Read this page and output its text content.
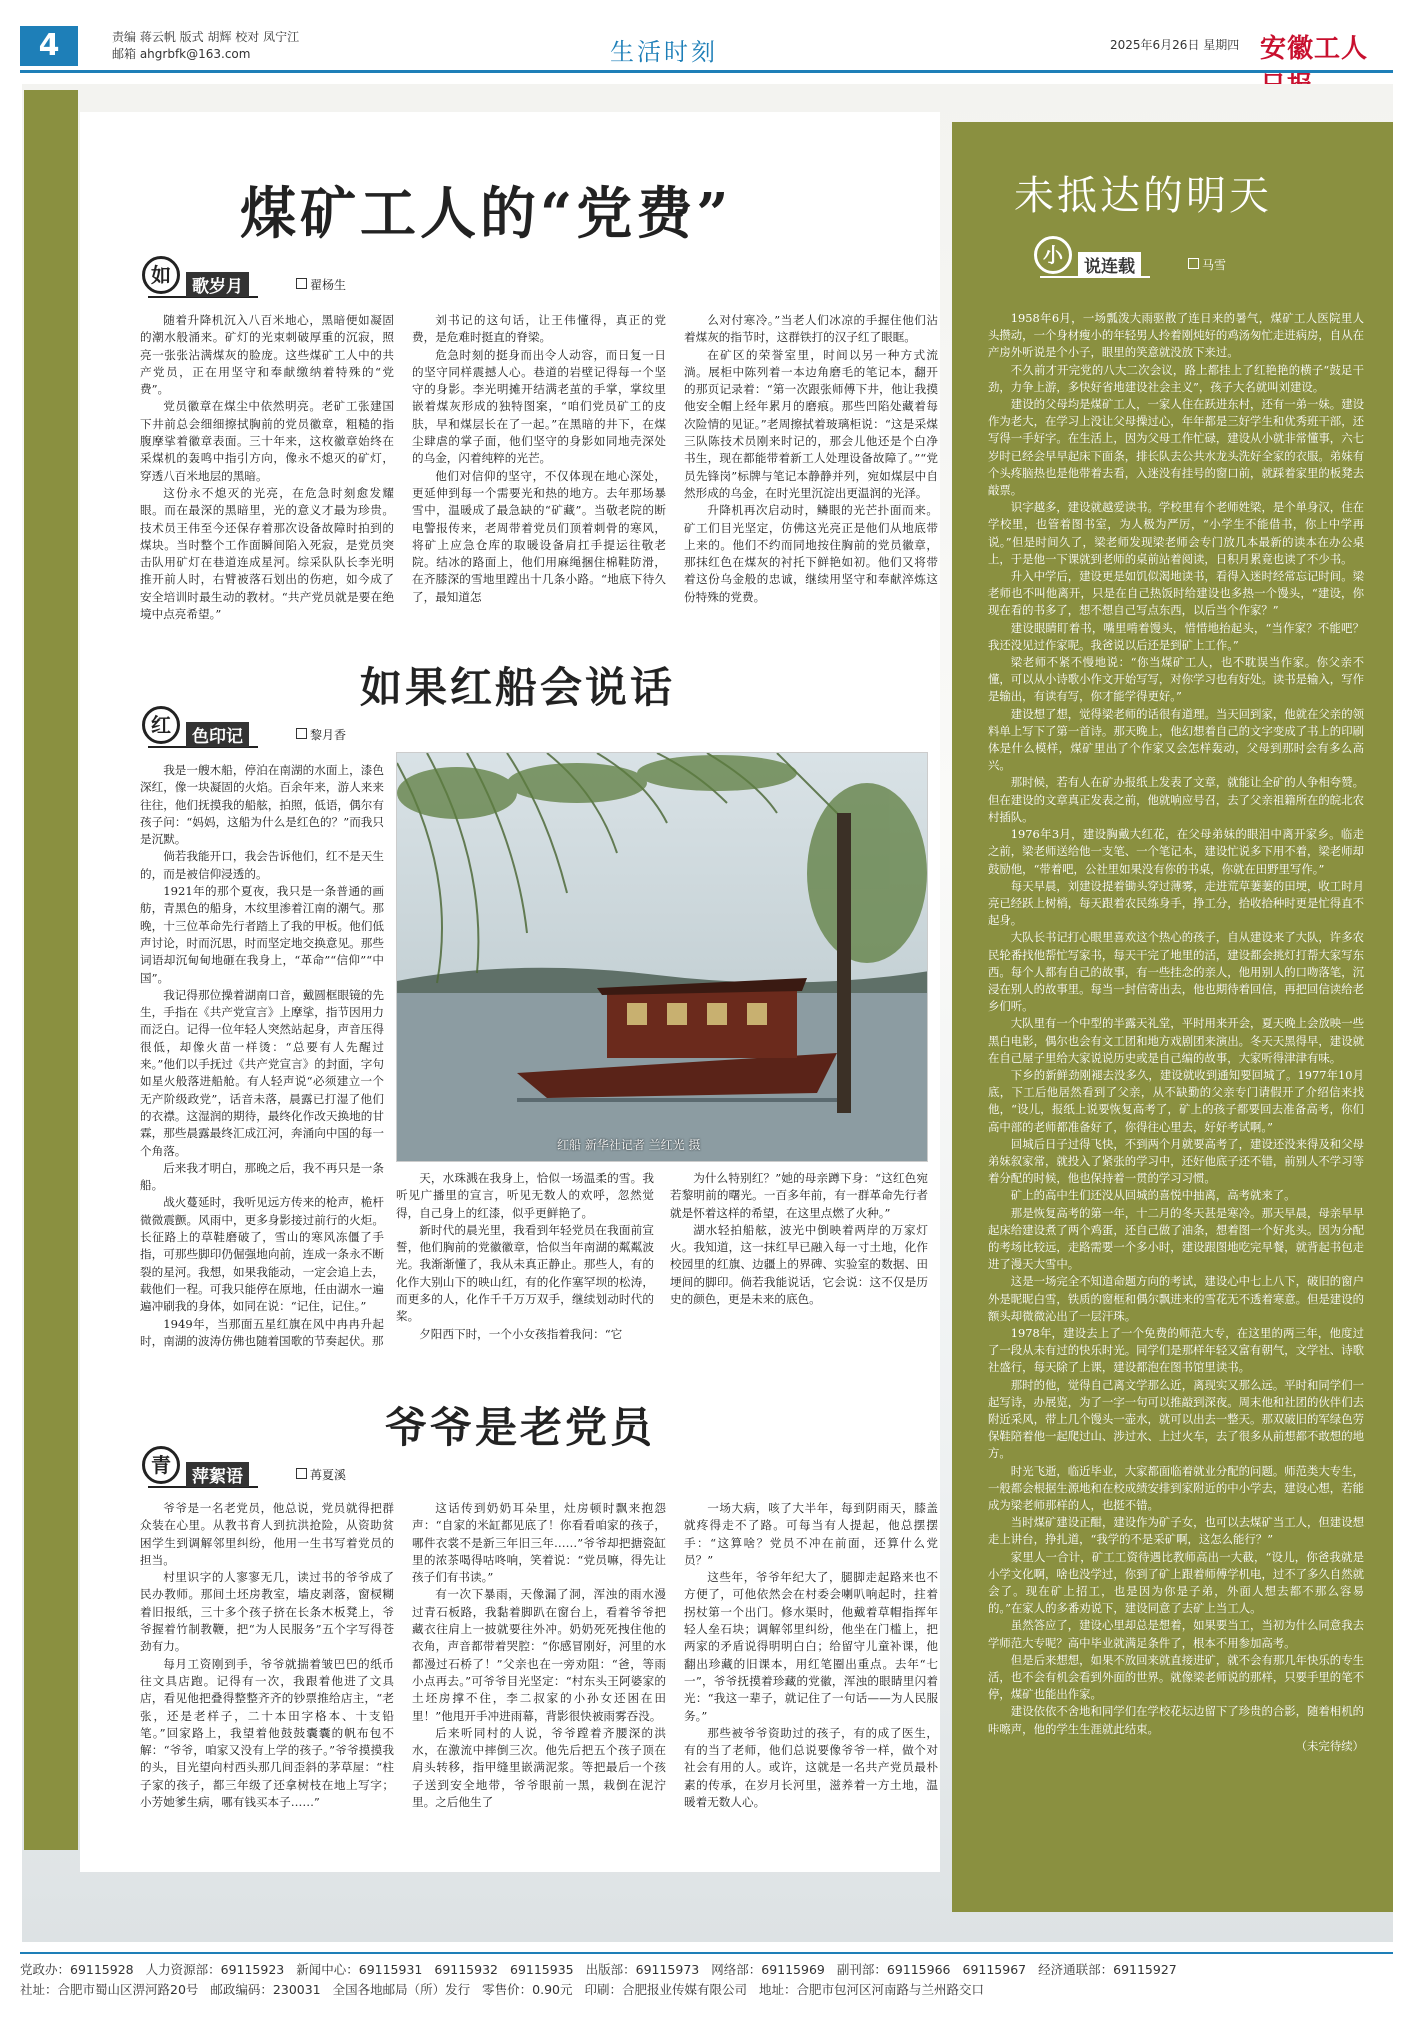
4	责编 蒋云帆 版式 胡辉 校对 凤宁江
邮箱 ahgrbfk@163.com	生活时刻	2025年6月26日 星期四 安徽工人
煤矿工人的“党费”
如	歌岁月	翟杨生

随着升降机沉入八百米地心，黑暗便如凝固的潮水般涌来。矿灯的光束刺破厚重的沉寂，照亮一张张沾满煤灰的脸庞。这些煤矿工人中的共产党员，正在用坚守和奉献缴纳着特殊的“党费”。

党员徽章在煤尘中依然明亮。老矿工张建国下井前总会细细擦拭胸前的党员徽章，粗糙的指腹摩挲着徽章表面。三十年来，这枚徽章始终在采煤机的轰鸣中指引方向，像永不熄灭的矿灯，穿透八百米地层的黑暗。

这份永不熄灭的光亮，在危急时刻愈发耀眼。而在最深的黑暗里，光的意义才最为珍贵。技术员王伟至今还保存着那次设备故障时拍到的煤块。当时整个工作面瞬间陷入死寂，是党员突击队用矿灯在巷道连成星河。综采队队长李光明推开前人时，右臂被落石划出的伤疤，如今成了安全培训时最生动的教材。“共产党员就是要在绝境中点亮希望。”

刘书记的这句话，让王伟懂得，真正的党费，是危难时挺直的脊梁。

危急时刻的挺身而出令人动容，而日复一日的坚守同样震撼人心。巷道的岩壁记得每一个坚守的身影。李光明摊开结满老茧的手掌，掌纹里嵌着煤灰形成的独特图案，“咱们党员矿工的皮肤，早和煤层长在了一起。”在黑暗的井下，在煤尘肆虐的掌子面，他们坚守的身影如同地壳深处的乌金，闪着纯粹的光芒。

他们对信仰的坚守，不仅体现在地心深处，更延伸到每一个需要光和热的地方。去年那场暴雪中，温暖成了最急缺的“矿藏”。当敬老院的断电警报传来，老周带着党员们顶着刺骨的寒风，将矿上应急仓库的取暖设备肩扛手提运往敬老院。结冰的路面上，他们用麻绳捆住棉鞋防滑，在齐膝深的雪地里蹚出十几条小路。“地底下待久了，最知道怎

么对付寒冷。”当老人们冰凉的手握住他们沾着煤灰的指节时，这群铁打的汉子红了眼眶。

在矿区的荣誉室里，时间以另一种方式流淌。展柜中陈列着一本边角磨毛的笔记本，翻开的那页记录着：“第一次跟张师傅下井，他让我摸他安全帽上经年累月的磨痕。那些凹陷处藏着每次险情的见证。”老周擦拭着玻璃柜说：“这是采煤三队陈技术员刚来时记的，那会儿他还是个白净书生，现在都能带着新工人处理设备故障了。”“党员先锋岗”标牌与笔记本静静并列，宛如煤层中自然形成的乌金，在时光里沉淀出更温润的光泽。

升降机再次启动时，鳞眼的光芒扑面而来。矿工们目光坚定，仿佛这光亮正是他们从地底带上来的。他们不约而同地按住胸前的党员徽章，那抹红色在煤灰的衬托下鲜艳如初。他们又将带着这份乌金般的忠诚，继续用坚守和奉献淬炼这份特殊的党费。

如果红船会说话
红	色印记	黎月香

我是一艘木船，停泊在南湖的水面上，漆色深红，像一块凝固的火焰。百余年来，游人来来往往，他们抚摸我的船舷，拍照，低语，偶尔有孩子问：“妈妈，这船为什么是红色的？”而我只是沉默。

倘若我能开口，我会告诉他们，红不是天生的，而是被信仰浸透的。

1921年的那个夏夜，我只是一条普通的画舫，青黑色的船身，木纹里渗着江南的潮气。那晚，十三位革命先行者踏上了我的甲板。他们低声讨论，时而沉思，时而坚定地交换意见。那些词语却沉甸甸地砸在我身上，“革命”“信仰”“中国”。

我记得那位操着湖南口音，戴圆框眼镜的先生，手指在《共产党宣言》上摩挲，指节因用力而泛白。记得一位年轻人突然站起身，声音压得很低，却像火苗一样烫：“总要有人先醒过来。”他们以手抚过《共产党宣言》的封面，字句如星火般落进船舱。有人轻声说“必须建立一个无产阶级政党”，话音未落，晨露已打湿了他们的衣襟。这湿润的期待，最终化作改天换地的甘霖，那些晨露最终汇成江河，奔涌向中国的每一个角落。

后来我才明白，那晚之后，我不再只是一条船。

战火蔓延时，我听见远方传来的枪声，桅杆微微震颤。风雨中，更多身影接过前行的火炬。长征路上的草鞋磨破了，雪山的寒风冻僵了手指，可那些脚印仍倔强地向前，连成一条永不断裂的星河。我想，如果我能动，一定会追上去，载他们一程。可我只能停在原地，任由湖水一遍遍冲刷我的身体，如同在说：“记住，记住。”

1949年，当那面五星红旗在风中冉冉升起时，南湖的波涛仿佛也随着国歌的节奏起伏。那

红船 新华社记者 兰红光 摄

天，水珠溅在我身上，恰似一场温柔的雪。我听见广播里的宣言，听见无数人的欢呼，忽然觉得，自己身上的红漆，似乎更鲜艳了。

新时代的晨光里，我看到年轻党员在我面前宣誓，他们胸前的党徽徽章，恰似当年南湖的粼粼波光。我渐渐懂了，我从未真正静止。那些人，有的化作大别山下的映山红，有的化作塞罕坝的松涛，而更多的人，化作千千万万双手，继续划动时代的桨。

夕阳西下时，一个小女孩指着我问：“它

为什么特别红？”她的母亲蹲下身：“这红色宛若黎明前的曙光。一百多年前，有一群革命先行者就是怀着这样的希望，在这里点燃了火种。”

湖水轻拍船舷，波光中倒映着两岸的万家灯火。我知道，这一抹红早已融入每一寸土地，化作校园里的红旗、边疆上的界碑、实验室的数据、田埂间的脚印。倘若我能说话，它会说：这不仅是历史的颜色，更是未来的底色。

爷爷是老党员
青	萍絮语	苒夏溪

爷爷是一名老党员，他总说，党员就得把群众装在心里。从教书育人到抗洪抢险，从资助贫困学生到调解邻里纠纷，他用一生书写着党员的担当。

村里识字的人寥寥无几，读过书的爷爷成了民办教师。那间土坯房教室，墙皮剥落，窗棂糊着旧报纸，三十多个孩子挤在长条木板凳上，爷爷握着竹制教鞭，把“为人民服务”五个字写得苍劲有力。

每月工资刚到手，爷爷就揣着皱巴巴的纸币往文具店跑。记得有一次，我跟着他进了文具店，看见他把叠得整整齐齐的钞票推给店主，“老张，还是老样子，二十本田字格本、十支铅笔。”回家路上，我望着他鼓鼓囊囊的帆布包不解：“爷爷，咱家又没有上学的孩子。”爷爷摸摸我的头，目光望向村西头那几间歪斜的茅草屋：“柱子家的孩子，都三年级了还拿树枝在地上写字；小芳她爹生病，哪有钱买本子……”

这话传到奶奶耳朵里，灶房顿时飘来抱怨声：“自家的米缸都见底了！你看看咱家的孩子，哪件衣裳不是新三年旧三年……”爷爷却把搪瓷缸里的浓茶喝得咕咚响，笑着说：“党员嘛，得先让孩子们有书读。”

有一次下暴雨，天像漏了洞，浑浊的雨水漫过青石板路，我黏着脚趴在窗台上，看着爷爷把藏衣往肩上一披就要往外冲。奶奶死死拽住他的衣角，声音都带着哭腔：“你感冒刚好，河里的水都漫过石桥了！”父亲也在一旁劝阻：“爸，等雨小点再去。”可爷爷目光坚定：“村东头王阿婆家的土坯房撑不住，李二叔家的小孙女还困在田里！”他甩开手冲进雨幕，背影很快被雨雾吞没。

后来听同村的人说，爷爷蹚着齐腰深的洪水，在激流中摔倒三次。他先后把五个孩子顶在肩头转移，指甲缝里嵌满泥浆。等把最后一个孩子送到安全地带，爷爷眼前一黑，栽倒在泥泞里。之后他生了

一场大病，咳了大半年，每到阴雨天，膝盖就疼得走不了路。可每当有人提起，他总摆摆手：“这算啥？党员不冲在前面，还算什么党员？”

这些年，爷爷年纪大了，腿脚走起路来也不方便了，可他依然会在村委会喇叭响起时，拄着拐杖第一个出门。修水渠时，他戴着草帽指挥年轻人垒石块；调解邻里纠纷，他坐在门槛上，把两家的矛盾说得明明白白；给留守儿童补课，他翻出珍藏的旧课本，用红笔圈出重点。去年“七一”，爷爷抚摸着珍藏的党徽，浑浊的眼睛里闪着光：“我这一辈子，就记住了一句话——为人民服务。”

那些被爷爷资助过的孩子，有的成了医生，有的当了老师，他们总说要像爷爷一样，做个对社会有用的人。或许，这就是一名共产党员最朴素的传承，在岁月长河里，滋养着一方土地，温暖着无数人心。

未抵达的明天
小	说连载	马雪

1958年6月，一场瓢泼大雨驱散了连日来的暑气，煤矿工人医院里人头攒动，一个身材瘦小的年轻男人拎着刚炖好的鸡汤匆忙走进病房，自从在产房外听说是个小子，眼里的笑意就没放下来过。

不久前才开完党的八大二次会议，路上都挂上了红艳艳的横子“鼓足干劲，力争上游，多快好省地建设社会主义”，孩子大名就叫刘建设。

建设的父母均是煤矿工人，一家人住在跃进东村，还有一弟一妹。建设作为老大，在学习上没让父母操过心，年年都是三好学生和优秀班干部，还写得一手好字。在生活上，因为父母工作忙碌，建设从小就非常懂事，六七岁时已经会早早起床下面条，排长队去公共水龙头洗好全家的衣服。弟妹有个头疼脑热也是他带着去看，入迷没有挂号的窗口前，就踩着家里的板凳去敲票。

识字越多，建设就越爱读书。学校里有个老师姓梁，是个单身汉，住在学校里，也管着图书室，为人极为严厉，“小学生不能借书，你上中学再说。”但是时间久了，梁老师发现梁老师会专门放几本最新的读本在办公桌上，于是他一下课就到老师的桌前站着阅读，日积月累竟也读了不少书。

升入中学后，建设更是如饥似渴地读书，看得入迷时经常忘记时间。梁老师也不叫他离开，只是在自己热饭时给建设也多热一个馒头，“建设，你现在看的书多了，想不想自己写点东西，以后当个作家？”

建设眼睛盯着书，嘴里啃着馒头，惜惜地抬起头，“当作家？不能吧？我还没见过作家呢。我爸说以后还是到矿上工作。”

梁老师不紧不慢地说：“你当煤矿工人，也不耽误当作家。你父亲不懂，可以从小诗歌小作文开始写写，对你学习也有好处。读书是输入，写作是输出，有读有写，你才能学得更好。”

建设想了想，觉得梁老师的话很有道理。当天回到家，他就在父亲的领料单上写下了第一首诗。那天晚上，他幻想着自己的文字变成了书上的印刷体是什么模样，煤矿里出了个作家又会怎样轰动，父母到那时会有多么高兴。

那时候，若有人在矿办报纸上发表了文章，就能让全矿的人争相夸赞。但在建设的文章真正发表之前，他就响应号召，去了父亲祖籍所在的皖北农村插队。

1976年3月，建设胸戴大红花，在父母弟妹的眼泪中离开家乡。临走之前，梁老师送给他一支笔、一个笔记本，建设忙说多下用不着，梁老师却鼓励他，“带着吧，公社里如果没有你的书桌，你就在田野里写作。”

每天早晨，刘建设提着锄头穿过薄雾，走进荒草萋萋的田埂，收工时月亮已经跃上树梢，每天跟着农民练身手，挣工分，拾收拾种时更是忙得直不起身。

大队长书记打心眼里喜欢这个热心的孩子，自从建设来了大队，许多农民轮番找他帮忙写家书，每天干完了地里的活，建设都会挑灯打帮大家写东西。每个人都有自己的故事，有一些挂念的亲人，他用别人的口吻落笔，沉浸在别人的故事里。每当一封信寄出去，他也期待着回信，再把回信读给老乡们听。

大队里有一个中型的半露天礼堂，平时用来开会，夏天晚上会放映一些黑白电影，偶尔也会有文工团和地方戏剧团来演出。冬天天黑得早，建设就在自己屋子里给大家说说历史或是自己编的故事，大家听得津津有味。

下乡的新鲜劲刚褪去没多久，建设就收到通知要回城了。1977年10月底，下工后他居然看到了父亲，从不缺勤的父亲专门请假开了介绍信来找他，“设儿，报纸上说要恢复高考了，矿上的孩子都要回去准备高考，你们高中部的老师都准备好了，你得往心里去，好好考试啊。”

回城后日子过得飞快，不到两个月就要高考了，建设还没来得及和父母弟妹叙家常，就投入了紧张的学习中，还好他底子还不错，前别人不学习等着分配的时候，他也保持着一贯的学习习惯。

矿上的高中生们还没从回城的喜悦中抽离，高考就来了。

那是恢复高考的第一年，十二月的冬天甚是寒冷。那天早晨，母亲早早起床给建设煮了两个鸡蛋，还自己做了油条，想着图一个好兆头。因为分配的考场比较远，走路需要一个多小时，建设跟图地吃完早餐，就背起书包走进了漫天大雪中。

这是一场完全不知道命题方向的考试，建设心中七上八下，破旧的窗户外是昵昵白雪，铁质的窗框和偶尔飘进来的雪花无不透着寒意。但是建设的额头却微微沁出了一层汗珠。

1978年，建设去上了一个免费的师范大专，在这里的两三年，他度过了一段从未有过的快乐时光。同学们是那样年轻又富有朝气，文学社、诗歌社盛行，每天除了上课，建设都泡在图书馆里读书。

那时的他，觉得自己离文学那么近，离现实又那么远。平时和同学们一起写诗，办展览，为了一字一句可以推敲到深夜。周末他和社团的伙伴们去附近采风，带上几个馒头一壶水，就可以出去一整天。那双破旧的军绿色劳保鞋陪着他一起爬过山、涉过水、上过火车，去了很多从前想都不敢想的地方。

时光飞逝，临近毕业，大家都面临着就业分配的问题。师范类大专生，一般都会根据生源地和在校成绩安排到家附近的中小学去，建设心想，若能成为梁老师那样的人，也挺不错。

当时煤矿建设正酣，建设作为矿子女，也可以去煤矿当工人，但建设想走上讲台，挣扎道，“我学的不是采矿啊，这怎么能行？”

家里人一合计，矿工工资待遇比教师高出一大截，“设儿，你爸我就是小学文化啊，啥也没学过，你到了矿上跟着师傅学机电，过不了多久自然就会了。现在矿上招工，也是因为你是子弟，外面人想去都不那么容易的。”在家人的多番劝说下，建设同意了去矿上当工人。

虽然答应了，建设心里却总是想着，如果要当工，当初为什么同意我去学师范大专呢？高中毕业就满足条件了，根本不用参加高考。

但是后来想想，如果不放回来就直接进矿，就不会有那几年快乐的专生活，也不会有机会看到外面的世界。就像梁老师说的那样，只要手里的笔不停，煤矿也能出作家。

建设依依不舍地和同学们在学校花坛边留下了珍贵的合影，随着相机的咔嚓声，他的学生生涯就此结束。

（未完待续）
党政办：69115928 人力资源部：69115923 新闻中心：69115931 69115932 69115935 出版部：69115973 网络部：69115969 副刊部：69115966 69115967 经济通联部：69115927
社址：合肥市蜀山区淠河路20号 邮政编码：230031 全国各地邮局（所）发行 零售价：0.90元 印刷：合肥报业传媒有限公司 地址：合肥市包河区河南路与兰州路交口
